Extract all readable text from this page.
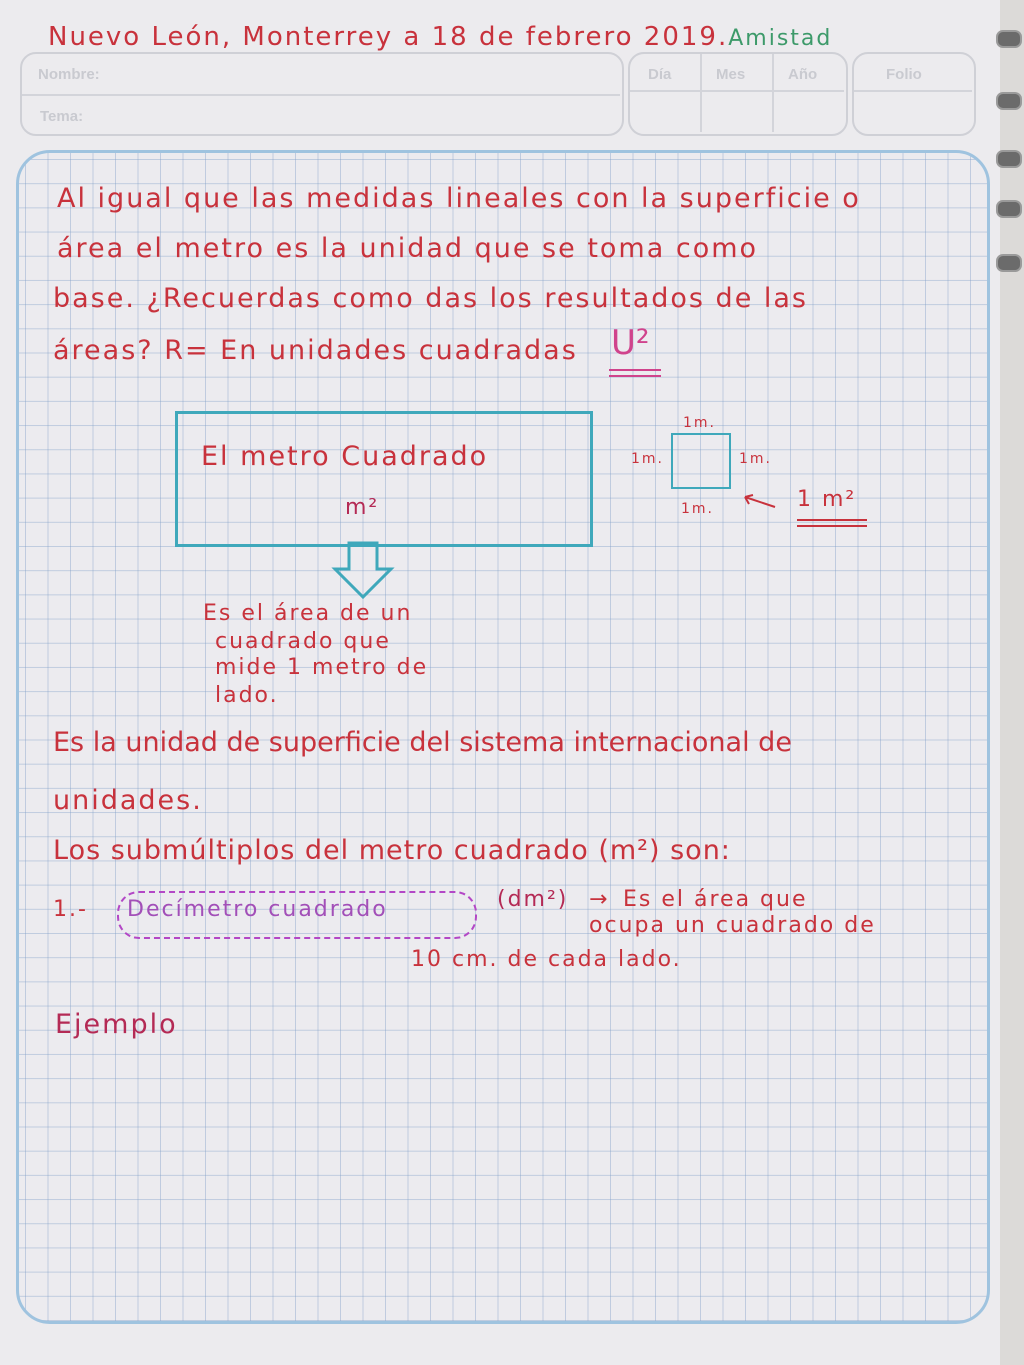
Nuevo León, Monterrey a 18 de febrero 2019.Amistad
Nombre:
Tema:
Día	Mes	Año	Folio
Al igual que las medidas lineales con la superficie o
área el metro es la unidad que se toma como
base. ¿Recuerdas como das los resultados de las
áreas? R= En unidades cuadradas U²
El metro Cuadrado
m²
1m.
1m.	1m.
1m.	1 m²
Es el área de un
cuadrado que
mide 1 metro de
lado.
Es la unidad de superficie del sistema internacional de
unidades.
Los submúltiplos del metro cuadrado (m²) son:
1.- Decímetro cuadrado	(dm²) → Es el área que
ocupa un cuadrado de
10 cm. de cada lado.
Ejemplo
